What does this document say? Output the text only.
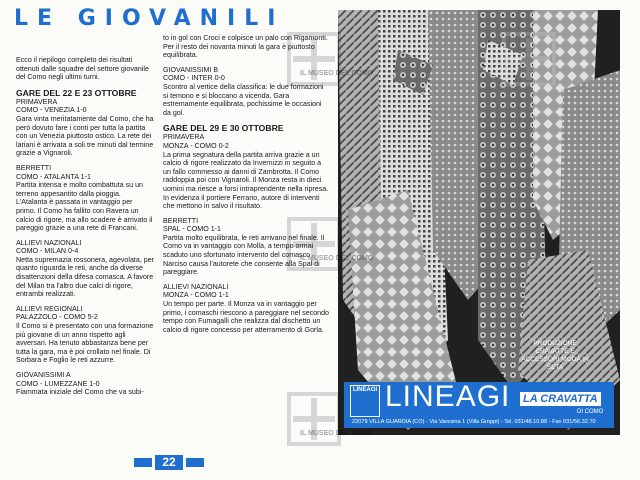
LE GIOVANILI

Ecco il riepilogo completo dei risultati ottenuti dalle squadre del settore giovanile del Como negli ultimi turni.

GARE DEL 22 E 23 OTTOBRE
PRIMAVERA
COMO - VENEZIA 1-0

Gara vinta meritatamente dal Como, che ha però dovuto fare i conti per tutta la partita con un Venezia piuttosto ostico. La rete dei lariani è arrivata a soli tre minuti dal termine grazie a Vignaroli.

BERRETTI
COMO - ATALANTA 1-1

Partita intensa e molto combattuta su un terreno appesantito dalla pioggia. L'Atalanta è passata in vantaggio per primo. Il Como ha fallito con Ravera un calcio di rigore, ma allo scadere è arrivato il pareggio grazie a una rete di Francani.

ALLIEVI NAZIONALI
COMO - MILAN 0-4

Netta supremazia rossonera, agevolata, per quanto riguarda le reti, anche da diverse disattenzioni della difesa comasca. A favore del Milan tra l'altro due calci di rigore, entrambi realizzati.

ALLIEVI REGIONALI
PALAZZOLO - COMO 5-2

Il Como si è presentato con una formazione più giovane di un anno rispetto agli avversari. Ha tenuto abbastanza bene per tutta la gara, ma è poi crollato nel finale. Di Sorbara e Foglio le reti azzurre.

GIOVANISSIMI A
COMO - LUMEZZANE 1-0

Fiammata iniziale del Como che va subi-

to in gol con Croci e colpisce un palo con Rigamonti. Per il resto dei novanta minuti la gara è piuttosto equilibrata.

GIOVANISSIMI B
COMO - INTER 0-0

Scontro al vertice della classifica: le due formazioni si temono e si bloccano a vicenda. Gara estremamente equilibrata, pochissime le occasioni da gol.

GARE DEL 29 E 30 OTTOBRE
PRIMAVERA
MONZA - COMO 0-2

La prima segnatura della partita arriva grazie a un calcio di rigore realizzato da Invernizzi in seguito a un fallo commesso ai danni di Zambrotta. Il Como raddoppia poi con Vignaroli. Il Monza resta in dieci uomini ma riesce a forsi intraprendente nella ripresa. In evidenza il portiere Ferrario, autore di interventi che mettono in salvo il risultato.

BERRETTI
SPAL - COMO 1-1

Partita molto equilibrata, le reti arrivano nel finale. Il Como va in vantaggio con Molla, a tempo ormai scaduto uno sfortunato intervento del comasco Narciso causa l'autorete che consente alla Spal di pareggiare.

ALLIEVI NAZIONALI
MONZA - COMO 1-1

Un tempo per parte. Il Monza va in vantaggio per primo, i comaschi riescono a pareggiare nel secondo tempo con Fumagalli che realizza dal dischetto un calcio di rigore concesso per atterramento di Gorla.

22
PRODUZIONE CRAVATTE E ACCESSORI MODA IN SETA
LINEAGI LINEAGI LA CRAVATTA
DI COMO
22079 VILLA GUARDIA (CO) - Via Varesina 1 (Villa Groppi) - Tel. 031/48.10.88 - Fax 031/56.32.70
IL MUSEO DEL COMO
IL MUSEO DEL COMO
IL MUSEO DEL COMO
